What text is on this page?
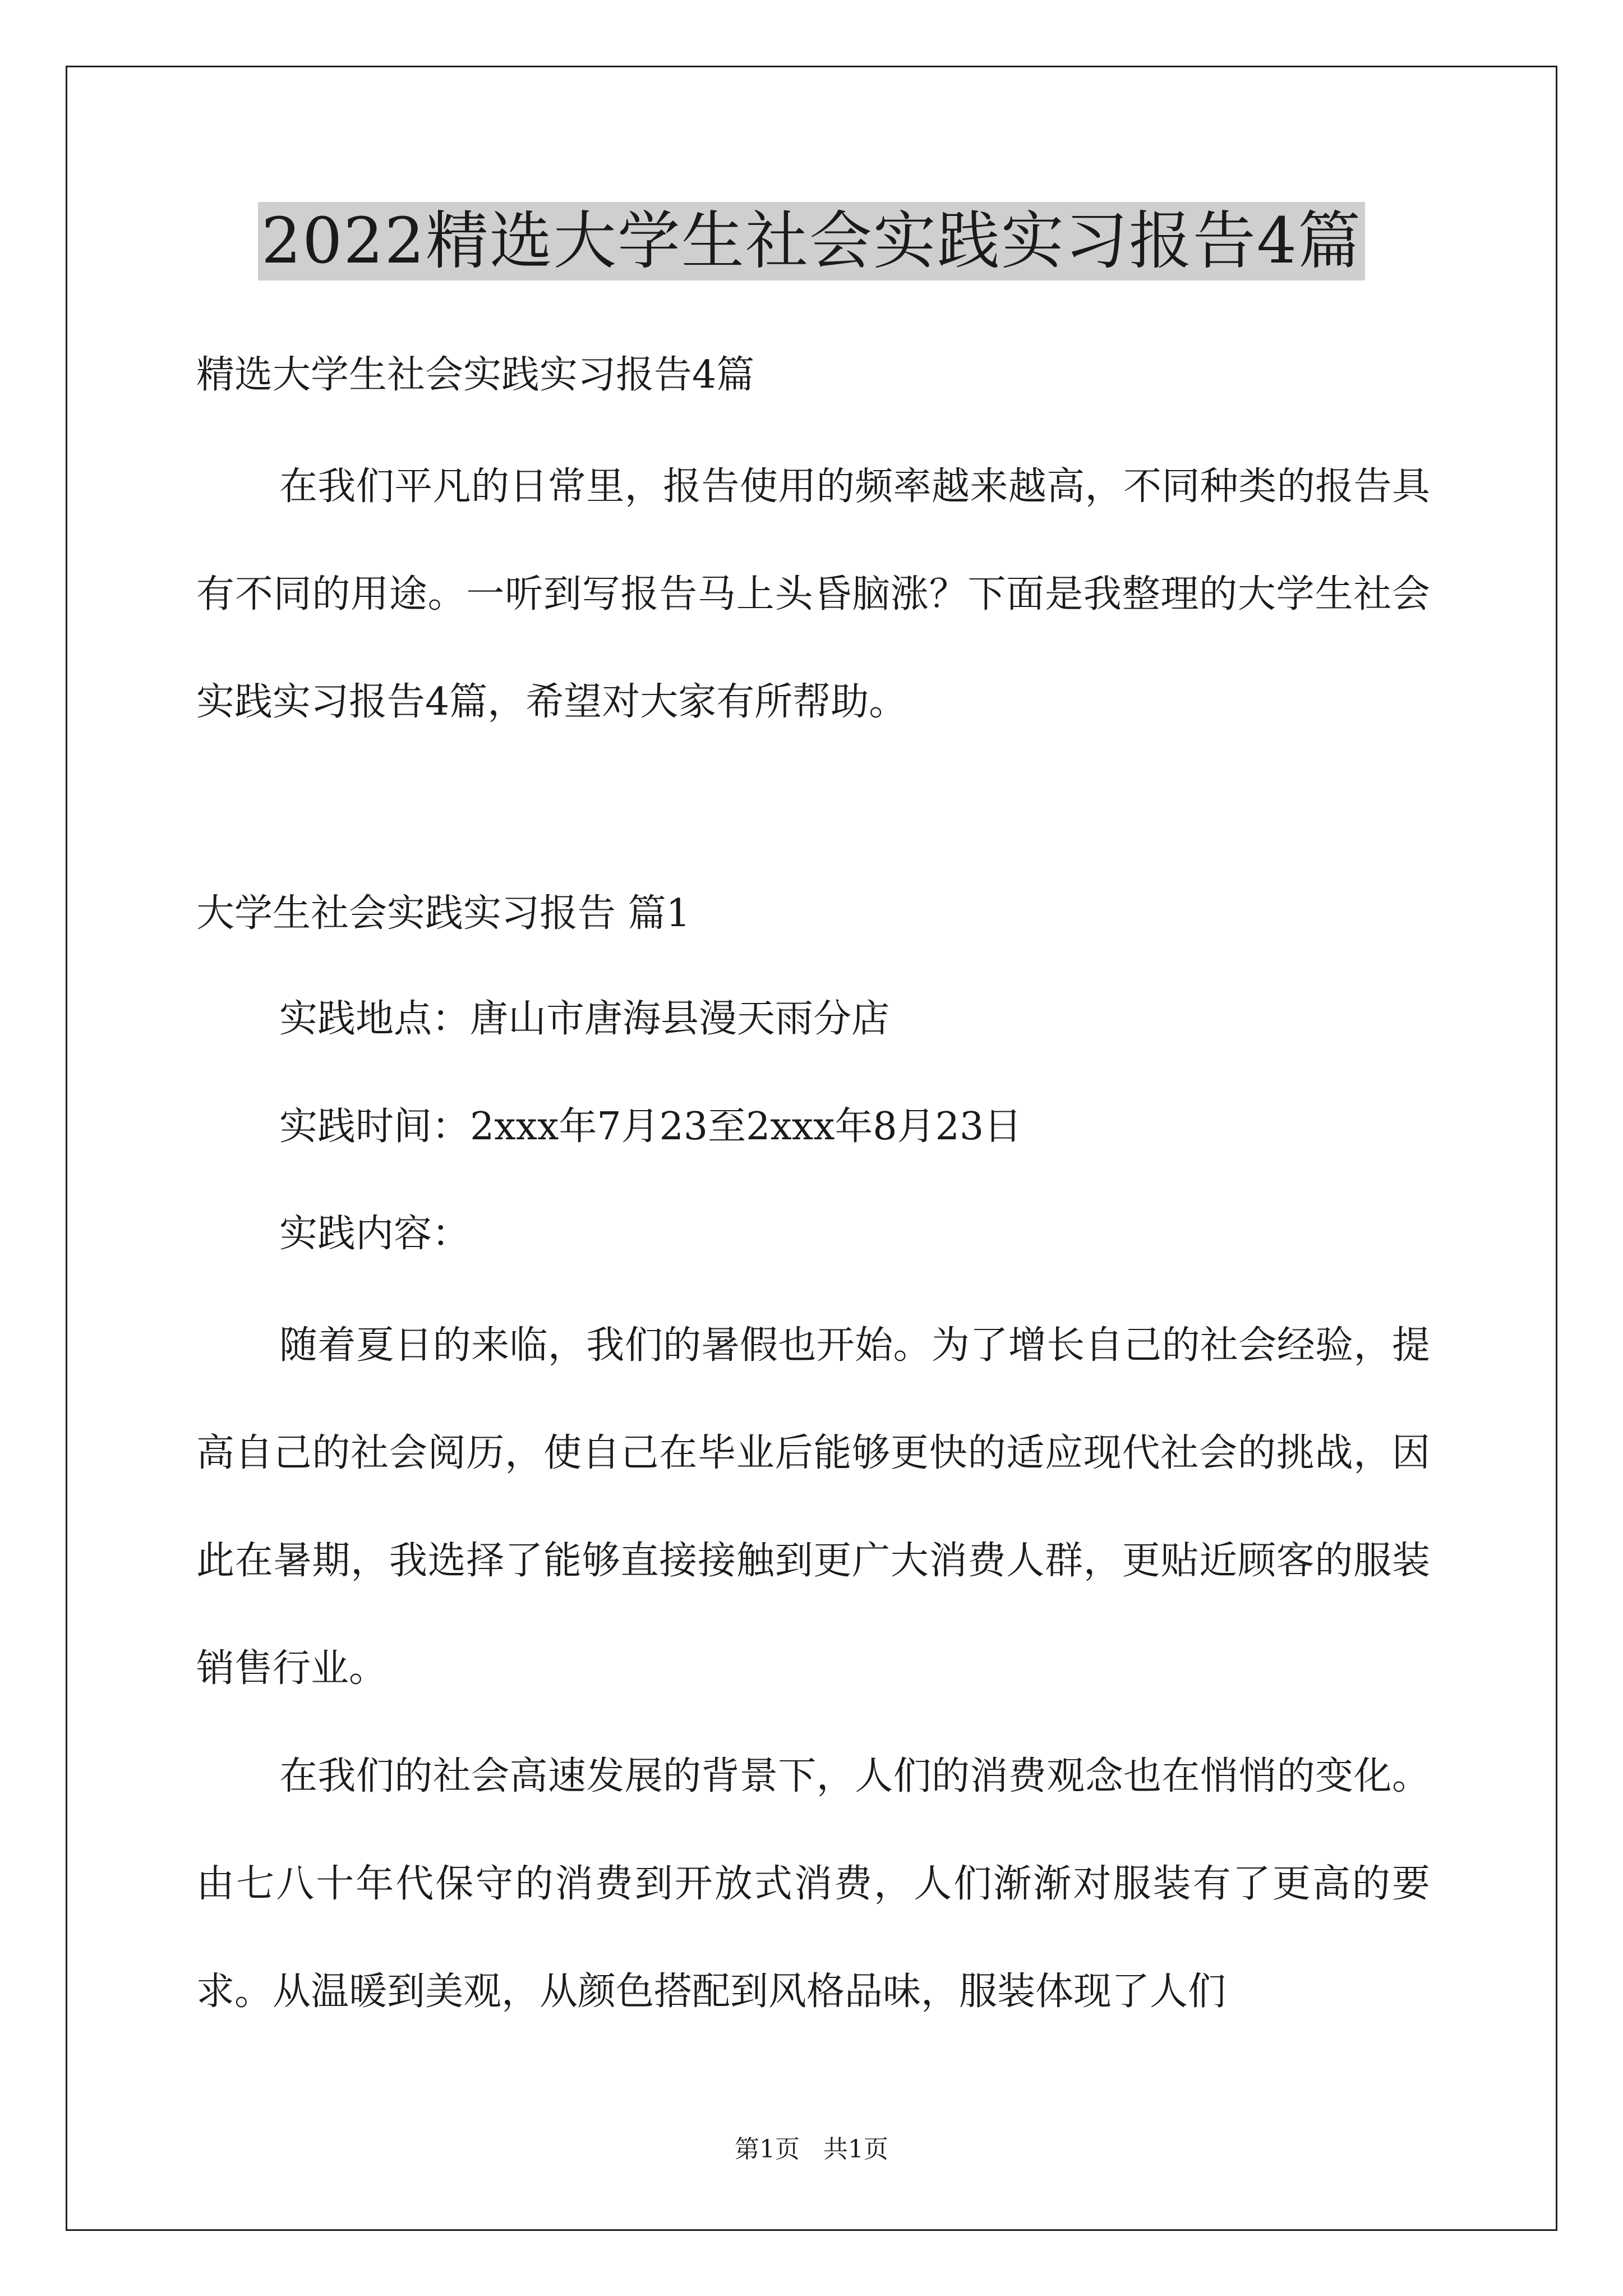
2022精选大学生社会实践实习报告4篇
精选大学生社会实践实习报告4篇
在我们平凡的日常里，报告使用的频率越来越高，不同种类的报告具有不同的用途。一听到写报告马上头昏脑涨？下面是我整理的大学生社会实践实习报告4篇，希望对大家有所帮助。
大学生社会实践实习报告 篇1
实践地点：唐山市唐海县漫天雨分店
实践时间：2xxx年7月23至2xxx年8月23日
实践内容：
随着夏日的来临，我们的暑假也开始。为了增长自己的社会经验，提高自己的社会阅历，使自己在毕业后能够更快的适应现代社会的挑战，因此在暑期，我选择了能够直接接触到更广大消费人群，更贴近顾客的服装销售行业。
在我们的社会高速发展的背景下，人们的消费观念也在悄悄的变化。由七八十年代保守的消费到开放式消费，人们渐渐对服装有了更高的要求。从温暖到美观，从颜色搭配到风格品味，服装体现了人们
第1页   共1页
